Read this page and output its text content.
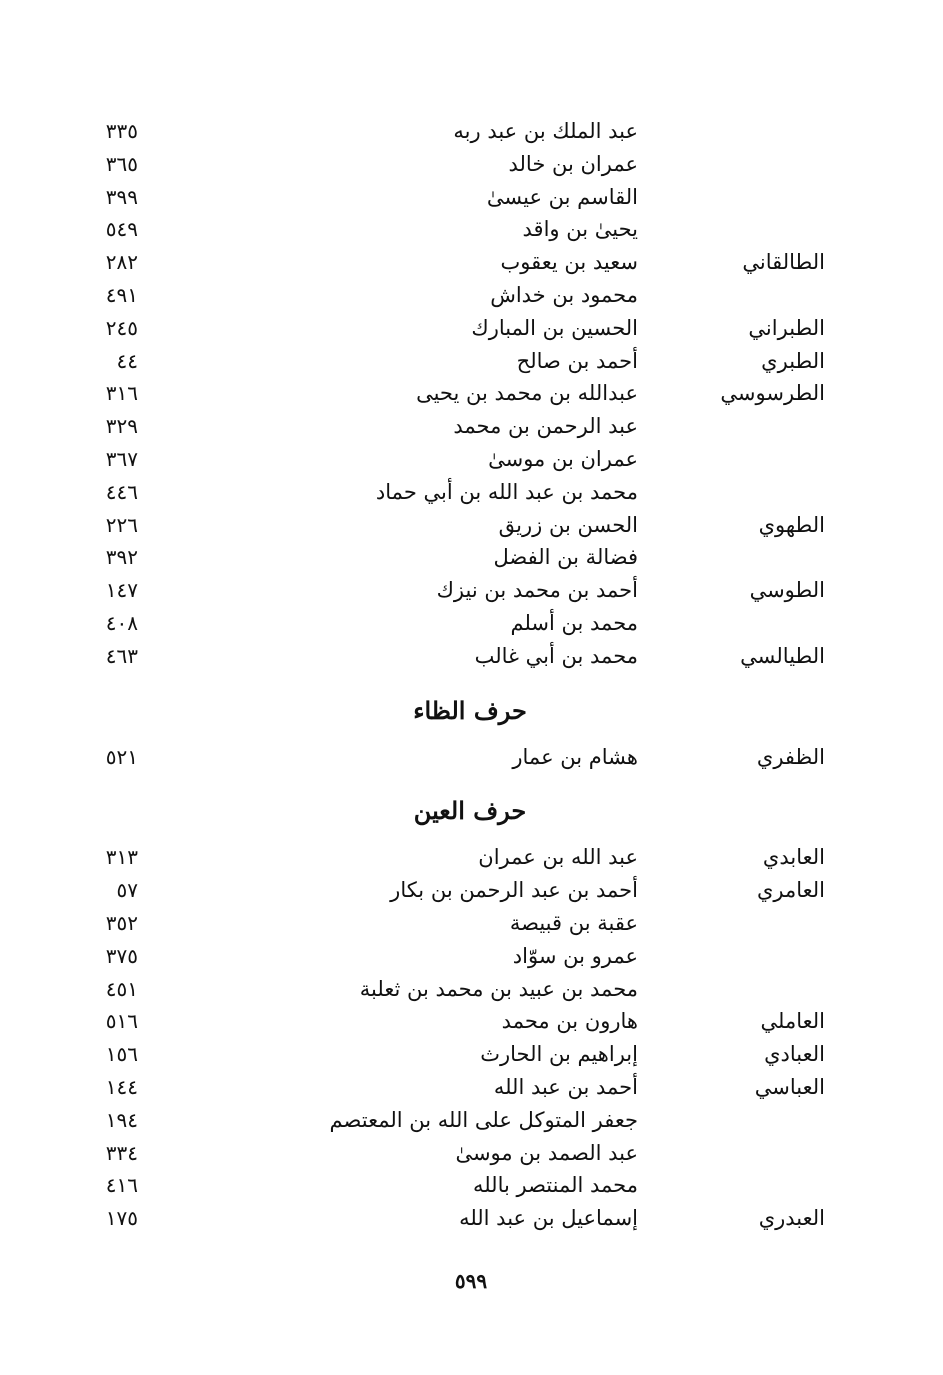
عبد الملك بن عبد ربه
٣٣٥
عمران بن خالد
٣٦٥
القاسم بن عيسىٰ
٣٩٩
يحيىٰ بن واقد
٥٤٩
الطالقاني
سعيد بن يعقوب
٢٨٢
محمود بن خداش
٤٩١
الطبراني
الحسين بن المبارك
٢٤٥
الطبري
أحمد بن صالح
٤٤
الطرسوسي
عبدالله بن محمد بن يحيى
٣١٦
عبد الرحمن بن محمد
٣٢٩
عمران بن موسىٰ
٣٦٧
محمد بن عبد الله بن أبي حماد
٤٤٦
الطهوي
الحسن بن زريق
٢٢٦
فضالة بن الفضل
٣٩٢
الطوسي
أحمد بن محمد بن نيزك
١٤٧
محمد بن أسلم
٤٠٨
الطيالسي
محمد بن أبي غالب
٤٦٣
حرف الظاء
الظفري
هشام بن عمار
٥٢١
حرف العين
العابدي
عبد الله بن عمران
٣١٣
العامري
أحمد بن عبد الرحمن بن بكار
٥٧
عقبة بن قبيصة
٣٥٢
عمرو بن سوّاد
٣٧٥
محمد بن عبيد بن محمد بن ثعلبة
٤٥١
العاملي
هارون بن محمد
٥١٦
العبادي
إبراهيم بن الحارث
١٥٦
العباسي
أحمد بن عبد الله
١٤٤
جعفر المتوكل على الله بن المعتصم
١٩٤
عبد الصمد بن موسىٰ
٣٣٤
محمد المنتصر بالله
٤١٦
العبدري
إسماعيل بن عبد الله
١٧٥
٥٩٩
